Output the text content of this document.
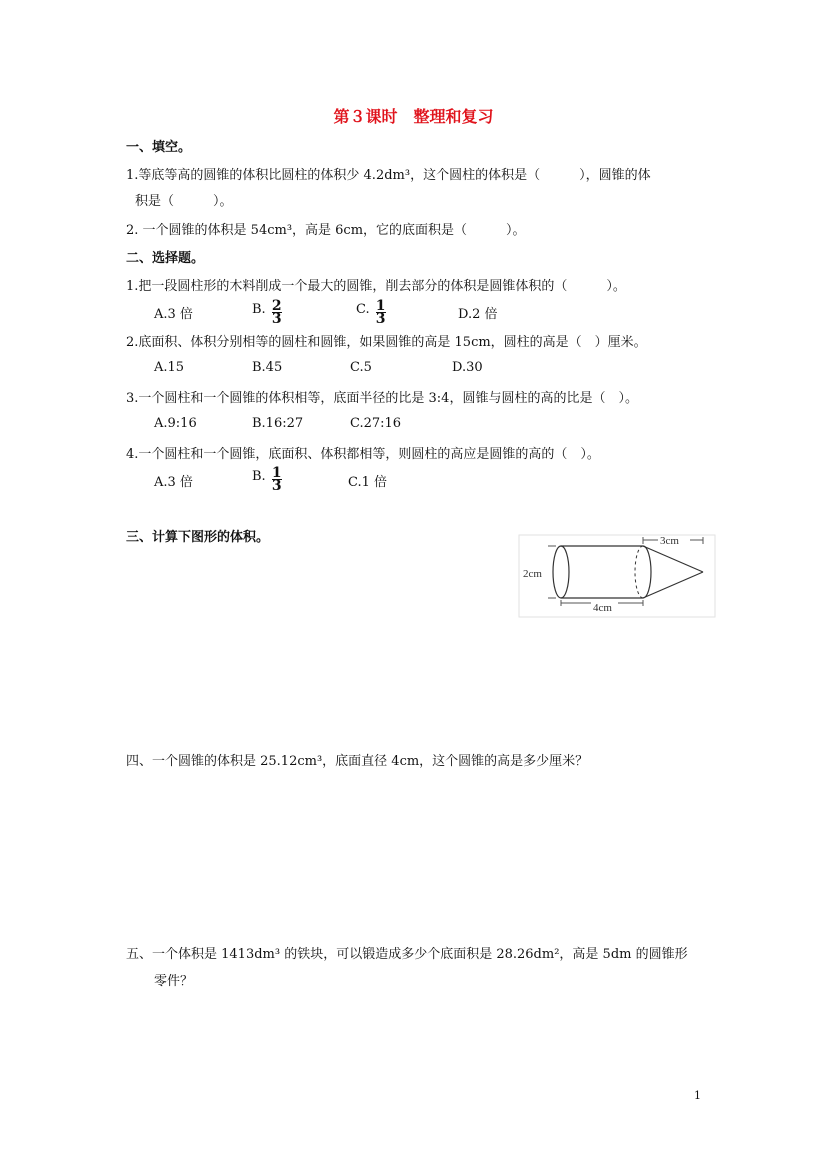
第３课时　整理和复习
一、填空。
1.等底等高的圆锥的体积比圆柱的体积少 4.2dm³，这个圆柱的体积是（　　　），圆锥的体
积是（　　　）。
2. 一个圆锥的体积是 54cm³，高是 6cm，它的底面积是（　　　）。
二、选择题。
1.把一段圆柱形的木料削成一个最大的圆锥，削去部分的体积是圆锥体积的（　　　）。
A.3 倍	B. $\frac{2}{3}$	C. $\frac{1}{3}$	D.2 倍
2.底面积、体积分别相等的圆柱和圆锥，如果圆锥的高是 15cm，圆柱的高是（　）厘米。
A.15	B.45	C.5	D.30
3.一个圆柱和一个圆锥的体积相等，底面半径的比是 3:4，圆锥与圆柱的高的比是（　）。
A.9:16	B.16:27	C.27:16
4.一个圆柱和一个圆锥，底面积、体积都相等，则圆柱的高应是圆锥的高的（　）。
A.3 倍	B. $\frac{1}{3}$	C.1 倍
三、计算下图形的体积。
2cm
4cm
3cm
四、一个圆锥的体积是 25.12cm³，底面直径 4cm，这个圆锥的高是多少厘米？
五、一个体积是 1413dm³ 的铁块，可以锻造成多少个底面积是 28.26dm²，高是 5dm 的圆锥形
零件？
1
